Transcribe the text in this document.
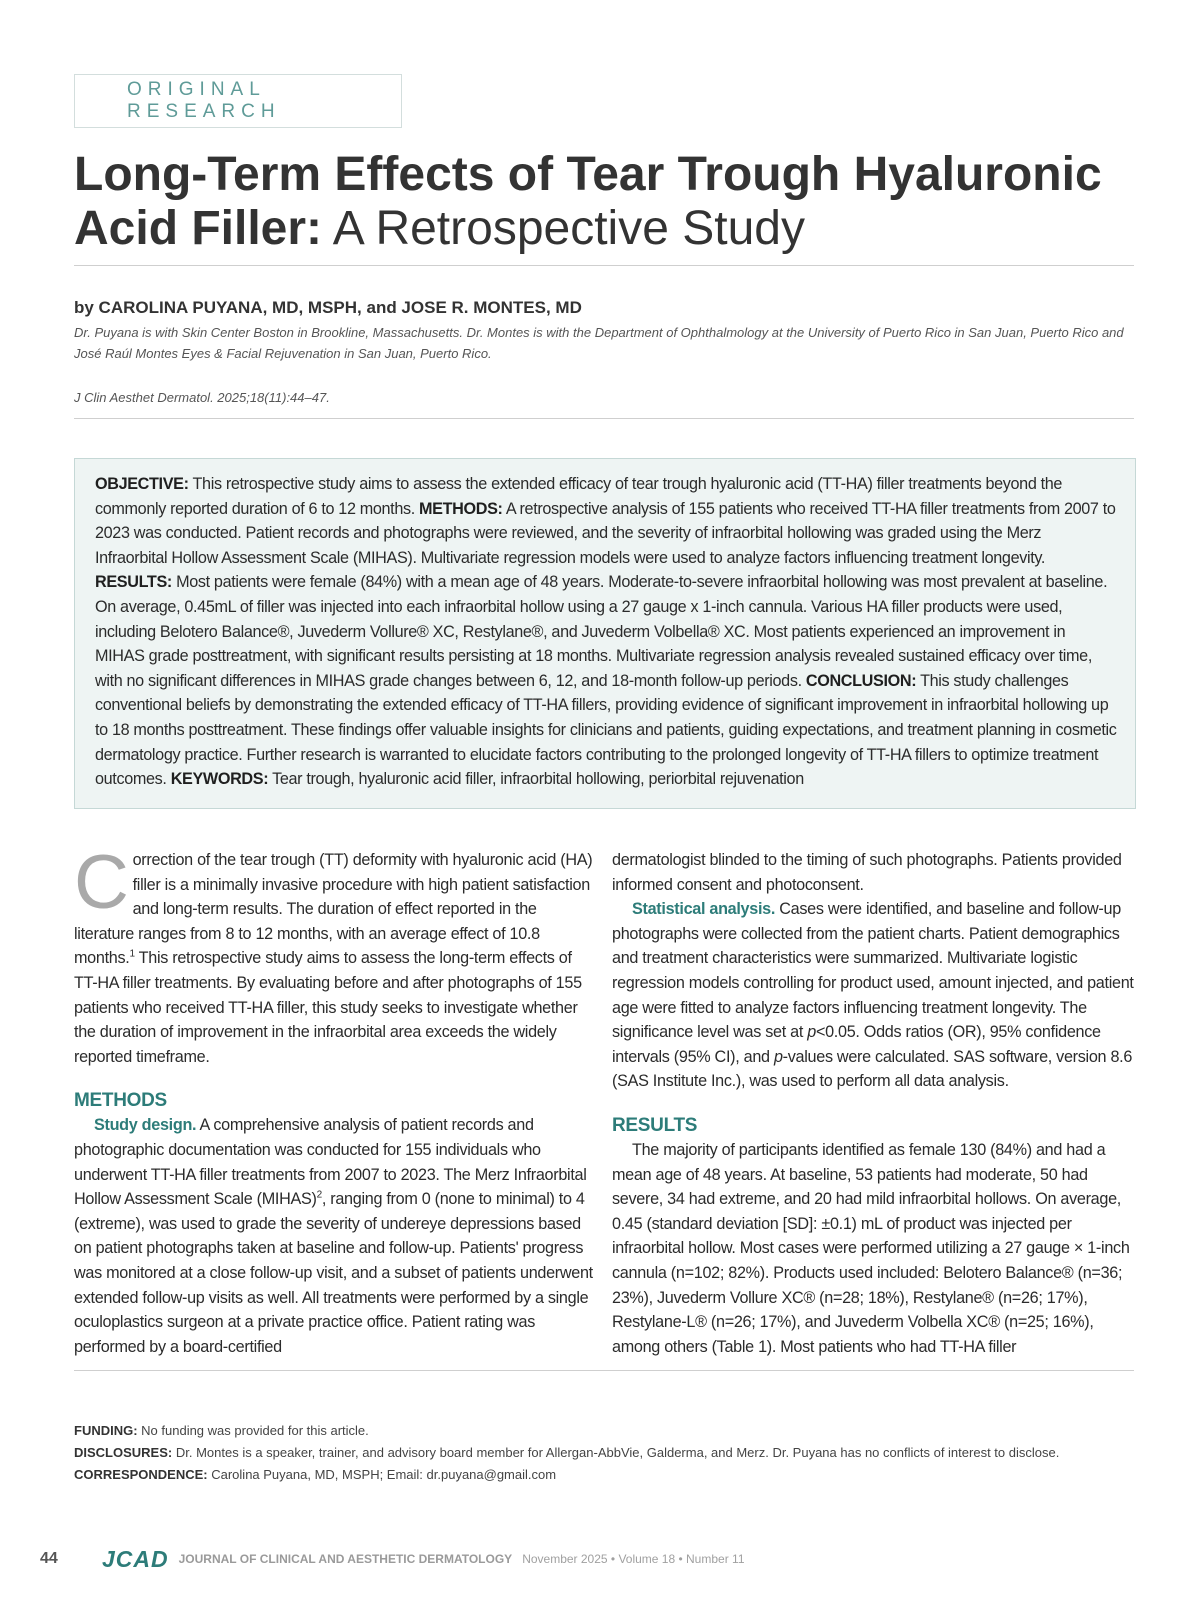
ORIGINAL RESEARCH
Long-Term Effects of Tear Trough Hyaluronic Acid Filler: A Retrospective Study
by CAROLINA PUYANA, MD, MSPH, and JOSE R. MONTES, MD
Dr. Puyana is with Skin Center Boston in Brookline, Massachusetts. Dr. Montes is with the Department of Ophthalmology at the University of Puerto Rico in San Juan, Puerto Rico and José Raúl Montes Eyes & Facial Rejuvenation in San Juan, Puerto Rico.
J Clin Aesthet Dermatol. 2025;18(11):44–47.
OBJECTIVE: This retrospective study aims to assess the extended efficacy of tear trough hyaluronic acid (TT-HA) filler treatments beyond the commonly reported duration of 6 to 12 months. METHODS: A retrospective analysis of 155 patients who received TT-HA filler treatments from 2007 to 2023 was conducted. Patient records and photographs were reviewed, and the severity of infraorbital hollowing was graded using the Merz Infraorbital Hollow Assessment Scale (MIHAS). Multivariate regression models were used to analyze factors influencing treatment longevity. RESULTS: Most patients were female (84%) with a mean age of 48 years. Moderate-to-severe infraorbital hollowing was most prevalent at baseline. On average, 0.45mL of filler was injected into each infraorbital hollow using a 27 gauge x 1-inch cannula. Various HA filler products were used, including Belotero Balance®, Juvederm Vollure® XC, Restylane®, and Juvederm Volbella® XC. Most patients experienced an improvement in MIHAS grade posttreatment, with significant results persisting at 18 months. Multivariate regression analysis revealed sustained efficacy over time, with no significant differences in MIHAS grade changes between 6, 12, and 18-month follow-up periods. CONCLUSION: This study challenges conventional beliefs by demonstrating the extended efficacy of TT-HA fillers, providing evidence of significant improvement in infraorbital hollowing up to 18 months posttreatment. These findings offer valuable insights for clinicians and patients, guiding expectations, and treatment planning in cosmetic dermatology practice. Further research is warranted to elucidate factors contributing to the prolonged longevity of TT-HA fillers to optimize treatment outcomes. KEYWORDS: Tear trough, hyaluronic acid filler, infraorbital hollowing, periorbital rejuvenation

Correction of the tear trough (TT) deformity with hyaluronic acid (HA) filler is a minimally invasive procedure with high patient satisfaction and long-term results. The duration of effect reported in the literature ranges from 8 to 12 months, with an average effect of 10.8 months.$^1$ This retrospective study aims to assess the long-term effects of TT-HA filler treatments. By evaluating before and after photographs of 155 patients who received TT-HA filler, this study seeks to investigate whether the duration of improvement in the infraorbital area exceeds the widely reported timeframe.

METHODS

Study design. A comprehensive analysis of patient records and photographic documentation was conducted for 155 individuals who underwent TT-HA filler treatments from 2007 to 2023. The Merz Infraorbital Hollow Assessment Scale (MIHAS)$^2$, ranging from 0 (none to minimal) to 4 (extreme), was used to grade the severity of undereye depressions based on patient photographs taken at baseline and follow-up. Patients' progress was monitored at a close follow-up visit, and a subset of patients underwent extended follow-up visits as well. All treatments were performed by a single oculoplastics surgeon at a private practice office. Patient rating was performed by a board-certified

dermatologist blinded to the timing of such photographs. Patients provided informed consent and photoconsent.

Statistical analysis. Cases were identified, and baseline and follow-up photographs were collected from the patient charts. Patient demographics and treatment characteristics were summarized. Multivariate logistic regression models controlling for product used, amount injected, and patient age were fitted to analyze factors influencing treatment longevity. The significance level was set at p<0.05. Odds ratios (OR), 95% confidence intervals (95% CI), and p-values were calculated. SAS software, version 8.6 (SAS Institute Inc.), was used to perform all data analysis.

RESULTS

The majority of participants identified as female 130 (84%) and had a mean age of 48 years. At baseline, 53 patients had moderate, 50 had severe, 34 had extreme, and 20 had mild infraorbital hollows. On average, 0.45 (standard deviation [SD]: ±0.1) mL of product was injected per infraorbital hollow. Most cases were performed utilizing a 27 gauge × 1-inch cannula (n=102; 82%). Products used included: Belotero Balance® (n=36; 23%), Juvederm Vollure XC® (n=28; 18%), Restylane® (n=26; 17%), Restylane-L® (n=26; 17%), and Juvederm Volbella XC® (n=25; 16%), among others (Table 1). Most patients who had TT-HA filler

FUNDING: No funding was provided for this article.
DISCLOSURES: Dr. Montes is a speaker, trainer, and advisory board member for Allergan-AbbVie, Galderma, and Merz. Dr. Puyana has no conflicts of interest to disclose.
CORRESPONDENCE: Carolina Puyana, MD, MSPH; Email: dr.puyana@gmail.com
44	JCAD JOURNAL OF CLINICAL AND AESTHETIC DERMATOLOGY November 2025 • Volume 18 • Number 11
